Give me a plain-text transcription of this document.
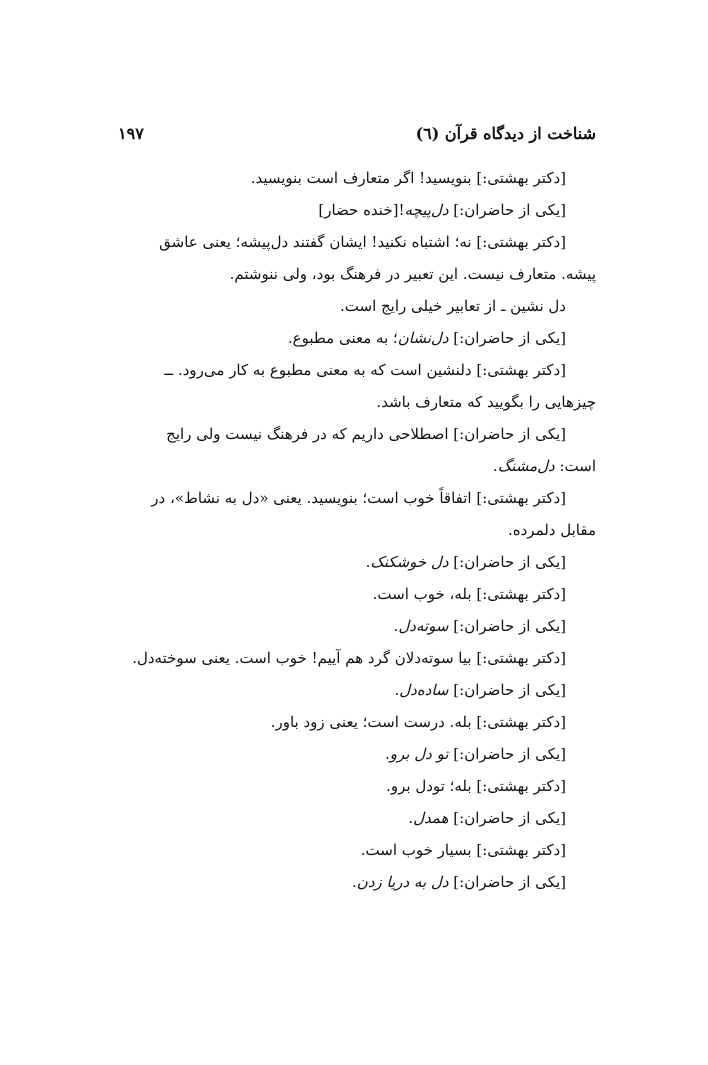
شناخت از دیدگاه قرآن (٦)
۱۹۷

[دکتر بهشتی:] بنویسید! اگر متعارف است بنویسید.

[یکی از حاضران:] دل‌پیچه![خنده حضار]

[دکتر بهشتی:] نه؛ اشتباه نکنید! ایشان گفتند دل‌پیشه؛ یعنی عاشق

پیشه. متعارف نیست. این تعبیر در فرهنگ بود، ولی ننوشتم.

دل نشین ـ از تعابیر خیلی رایج است.

[یکی از حاضران:] دل‌نشان؛ به معنی مطبوع.

[دکتر بهشتی:] دلنشین است که به معنی مطبوع به کار می‌رود. ــ

چیزهایی را بگویید که متعارف باشد.

[یکی از حاضران:] اصطلاحی داریم که در فرهنگ نیست ولی رایج

است: دل‌مشنگ.

[دکتر بهشتی:] اتفاقاً خوب است؛ بنویسید. یعنی «دل به نشاط»، در

مقابل دلمرده.

[یکی از حاضران:] دل خوشکنک.

[دکتر بهشتی:] بله، خوب است.

[یکی از حاضران:] سوته‌دل.

[دکتر بهشتی:] بیا سوته‌دلان گرد هم آییم! خوب است. یعنی سوخته‌دل.

[یکی از حاضران:] ساده‌دل.

[دکتر بهشتی:] بله. درست است؛ یعنی زود باور.

[یکی از حاضران:] تو دل برو.

[دکتر بهشتی:] بله؛ تودل برو.

[یکی از حاضران:] همدل.

[دکتر بهشتی:] بسیار خوب است.

[یکی از حاضران:] دل به دریا زدن.
